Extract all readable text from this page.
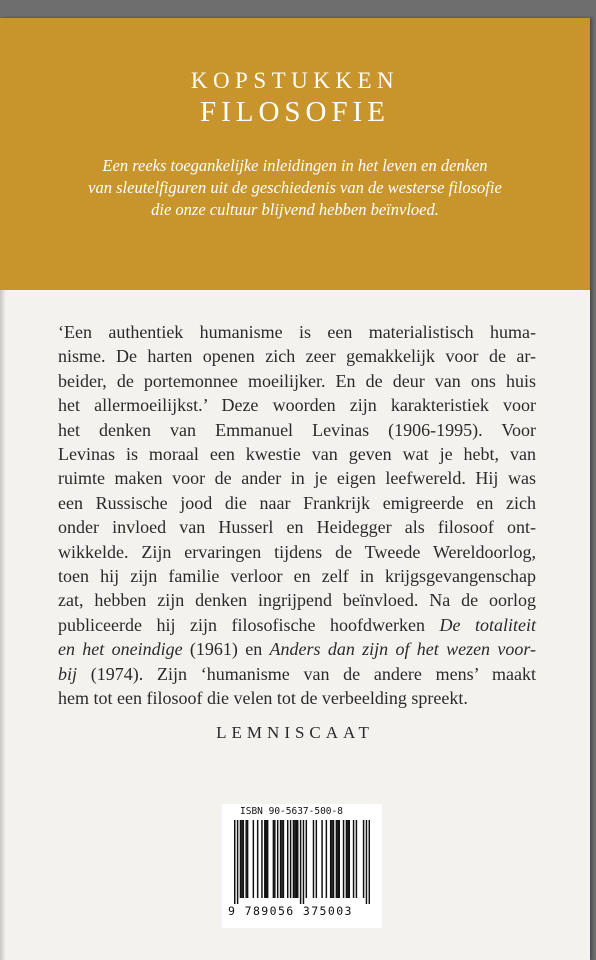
KOPSTUKKEN
FILOSOFIE
Een reeks toegankelijke inleidingen in het leven en denken
van sleutelfiguren uit de geschiedenis van de westerse filosofie
die onze cultuur blijvend hebben beïnvloed.
‘Een authentiek humanisme is een materialistisch huma-
nisme. De harten openen zich zeer gemakkelijk voor de ar-
beider, de portemonnee moeilijker. En de deur van ons huis
het allermoeilijkst.’ Deze woorden zijn karakteristiek voor
het denken van Emmanuel Levinas (1906-1995). Voor
Levinas is moraal een kwestie van geven wat je hebt, van
ruimte maken voor de ander in je eigen leefwereld. Hij was
een Russische jood die naar Frankrijk emigreerde en zich
onder invloed van Husserl en Heidegger als filosoof ont-
wikkelde. Zijn ervaringen tijdens de Tweede Wereldoorlog,
toen hij zijn familie verloor en zelf in krijgsgevangenschap
zat, hebben zijn denken ingrijpend beïnvloed. Na de oorlog
publiceerde hij zijn filosofische hoofdwerken De totaliteit
en het oneindige (1961) en Anders dan zijn of het wezen voor-
bij (1974). Zijn ‘humanisme van de andere mens’ maakt
hem tot een filosoof die velen tot de verbeelding spreekt.
LEMNISCAAT
ISBN 90-5637-500-8
9 789056 375003
